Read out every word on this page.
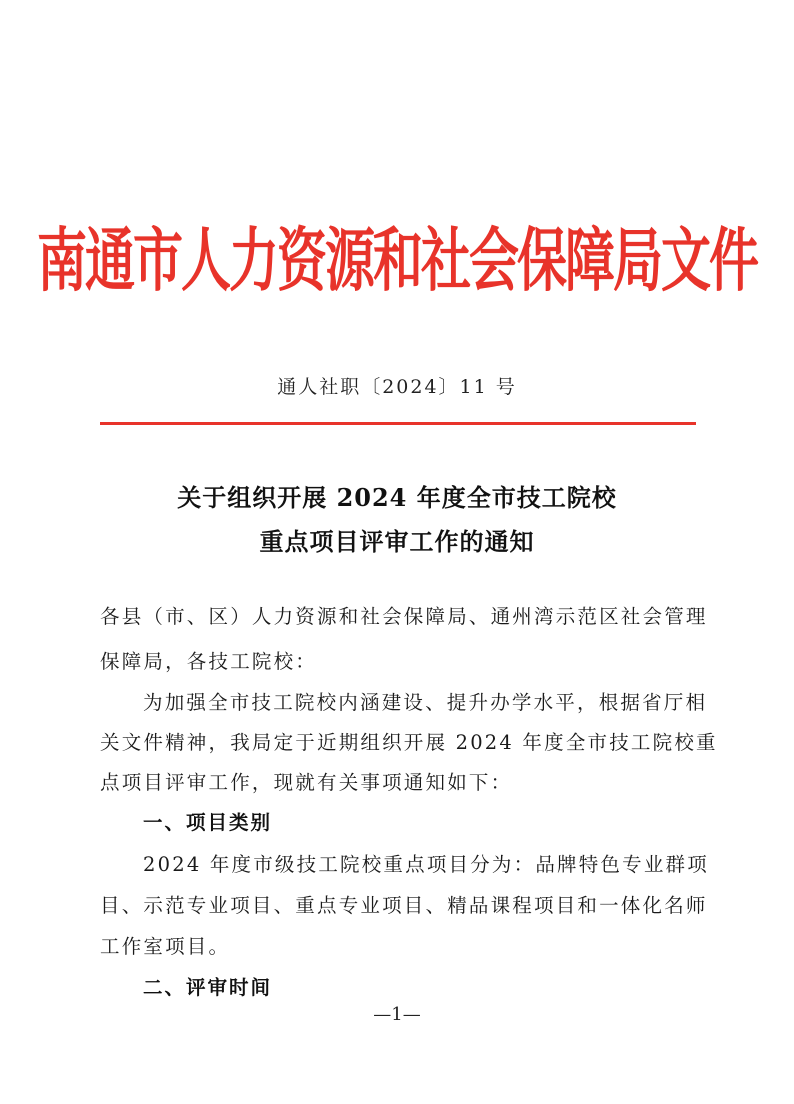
南通市人力资源和社会保障局文件
通人社职〔2024〕11 号
关于组织开展 2024 年度全市技工院校
重点项目评审工作的通知
各县（市、区）人力资源和社会保障局、通州湾示范区社会管理
保障局，各技工院校：
为加强全市技工院校内涵建设、提升办学水平，根据省厅相
关文件精神，我局定于近期组织开展 2024 年度全市技工院校重
点项目评审工作，现就有关事项通知如下：
一、项目类别
2024 年度市级技工院校重点项目分为：品牌特色专业群项
目、示范专业项目、重点专业项目、精品课程项目和一体化名师
工作室项目。
二、评审时间
—1—
